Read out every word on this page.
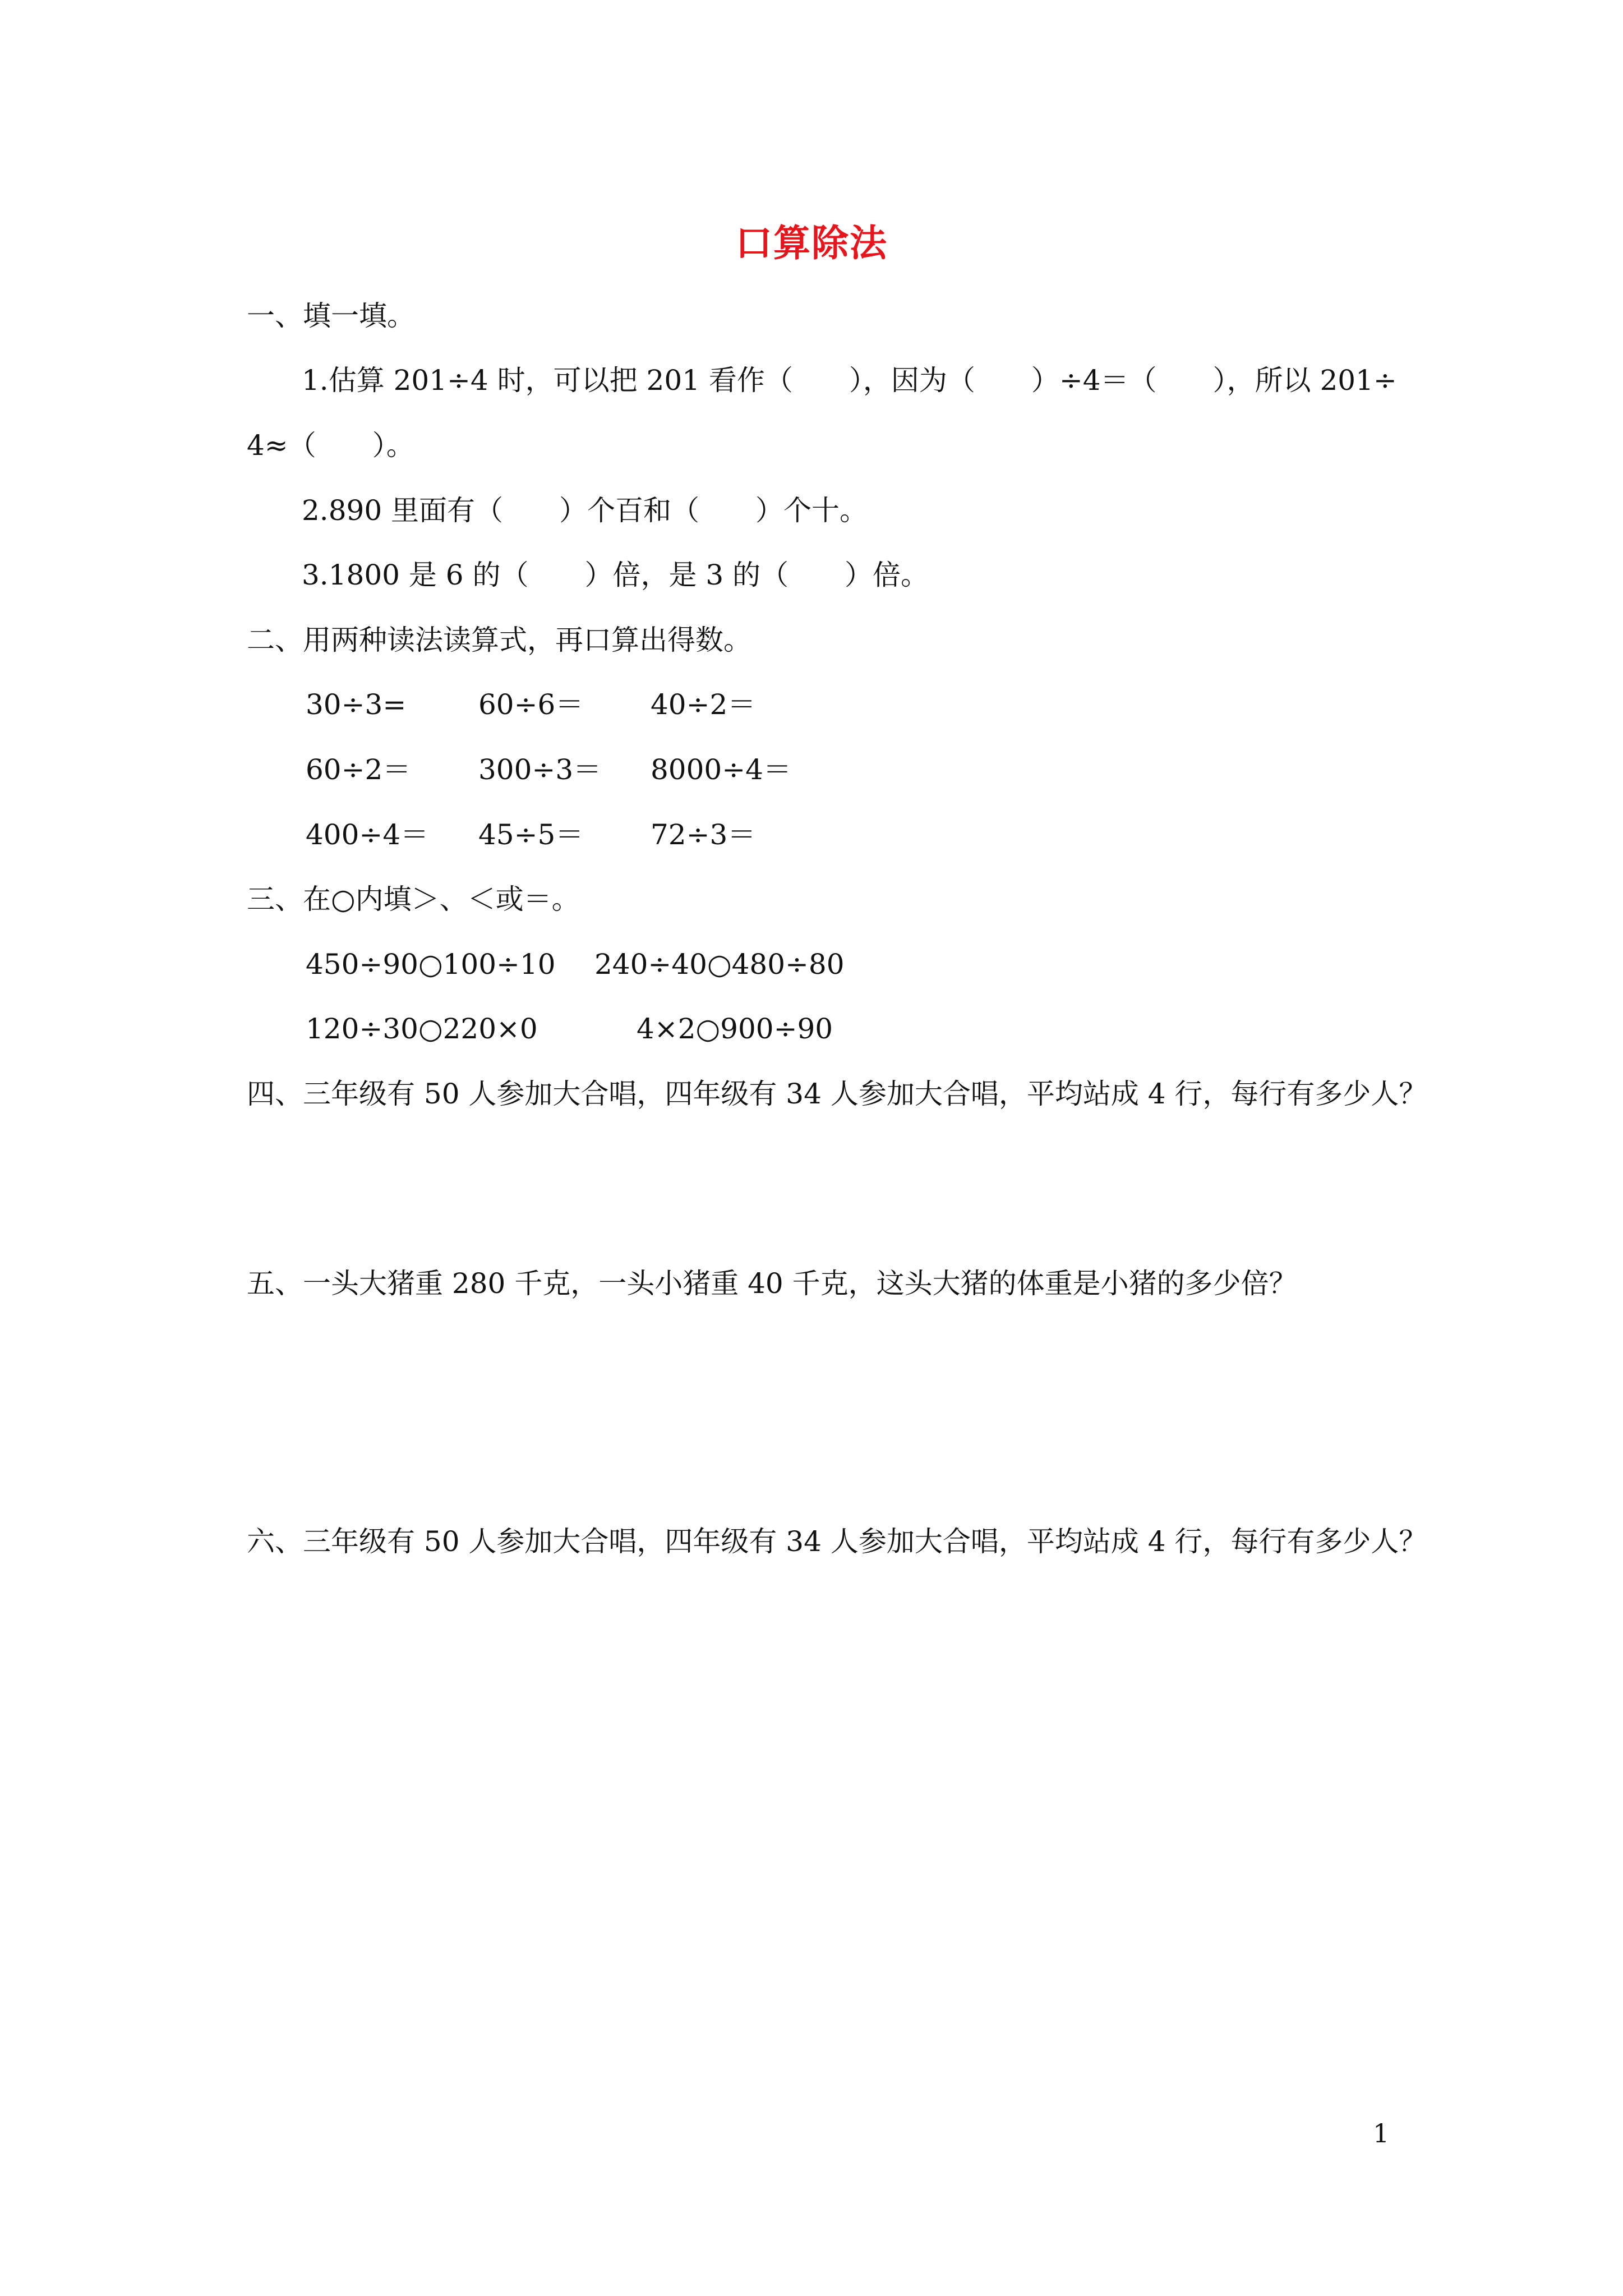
口算除法
一、填一填。
1.估算 201÷4 时，可以把 201 看作（　　），因为（　　）÷4＝（　　），所以 201÷
4≈（　　）。
2.890 里面有（　　）个百和（　　）个十。
3.1800 是 6 的（　　）倍，是 3 的（　　）倍。
二、用两种读法读算式，再口算出得数。
30÷3=	60÷6＝ 40÷2＝
60÷2＝ 300÷3＝ 8000÷4＝
400÷4＝ 45÷5＝ 72÷3＝
三、在○内填＞、＜或＝。
450÷90○100÷10 240÷40○480÷80
120÷30○220×0	4×2○900÷90
四、三年级有 50 人参加大合唱，四年级有 34 人参加大合唱，平均站成 4 行，每行有多少人？
五、一头大猪重 280 千克，一头小猪重 40 千克，这头大猪的体重是小猪的多少倍？
六、三年级有 50 人参加大合唱，四年级有 34 人参加大合唱，平均站成 4 行，每行有多少人？
1
